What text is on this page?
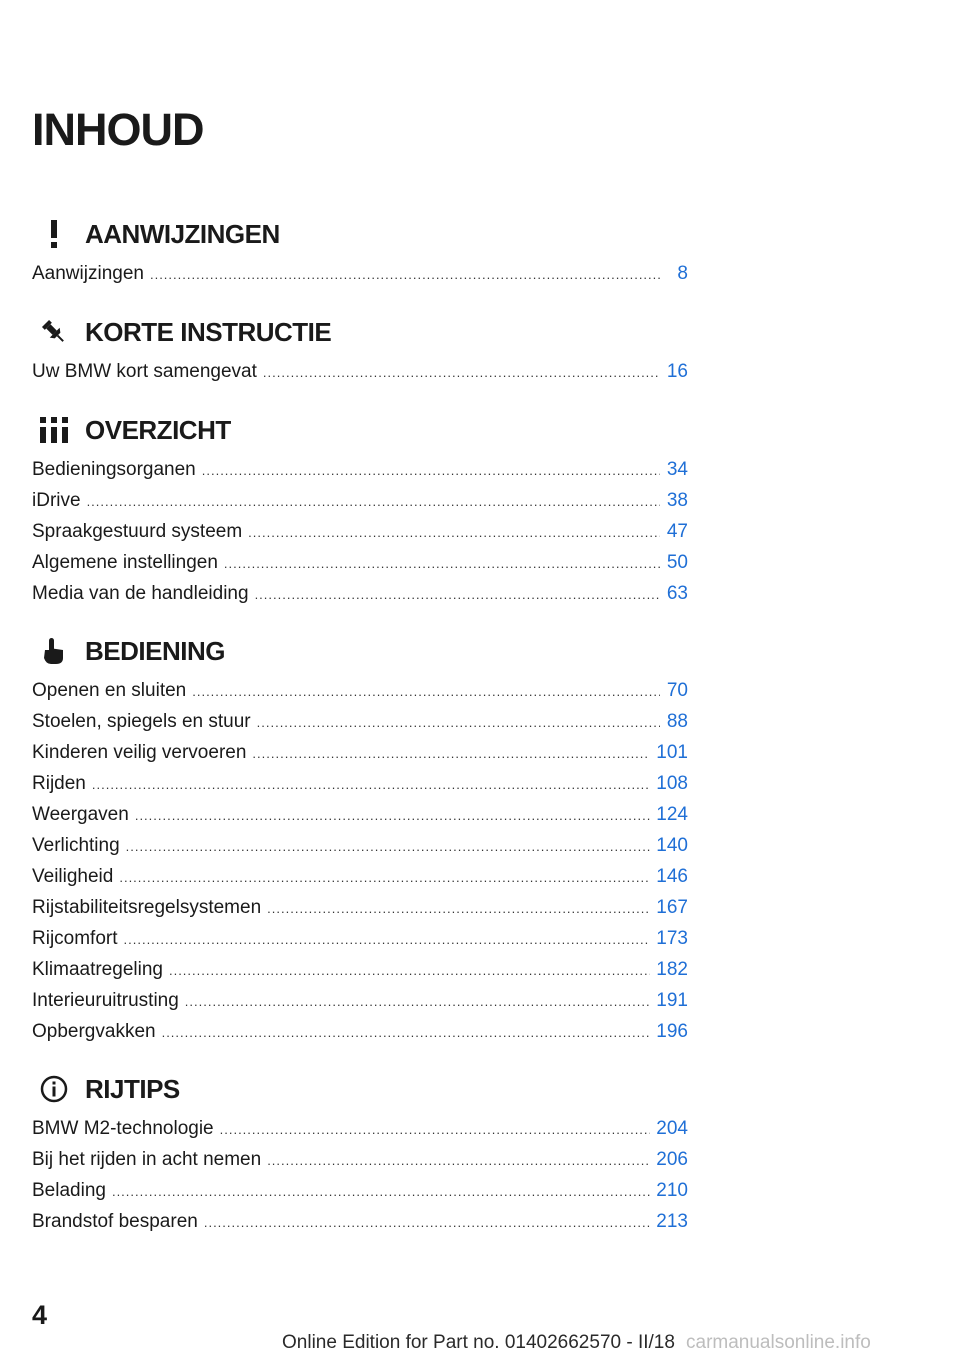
INHOUD
AANWIJZINGEN
Aanwijzingen .....	8
KORTE INSTRUCTIE
Uw BMW kort samengevat .....	16
OVERZICHT
Bedieningsorganen .....	34
iDrive .....	38
Spraakgestuurd systeem .....	47
Algemene instellingen .....	50
Media van de handleiding .....	63
BEDIENING
Openen en sluiten .....	70
Stoelen, spiegels en stuur .....	88
Kinderen veilig vervoeren .....	101
Rijden .....	108
Weergaven .....	124
Verlichting .....	140
Veiligheid .....	146
Rijstabiliteitsregelsystemen .....	167
Rijcomfort .....	173
Klimaatregeling .....	182
Interieuruitrusting .....	191
Opbergvakken .....	196
RIJTIPS
BMW M2-technologie .....	204
Bij het rijden in acht nemen .....	206
Belading .....	210
Brandstof besparen .....	213
4
Online Edition for Part no. 01402662570 - II/18 carmanualsonline.info
